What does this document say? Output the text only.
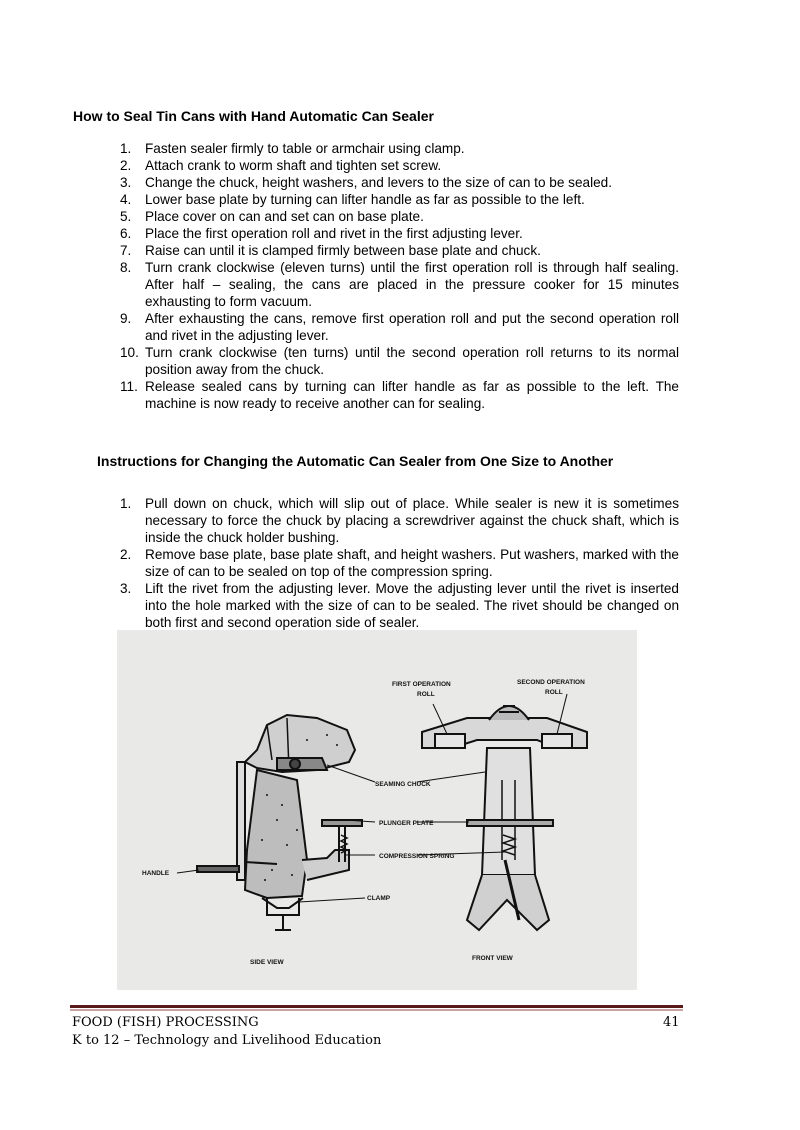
How to Seal Tin Cans with Hand Automatic Can Sealer
1. Fasten sealer firmly to table or armchair using clamp.
2. Attach crank to worm shaft and tighten set screw.
3. Change the chuck, height washers, and levers to the size of can to be sealed.
4. Lower base plate by turning can lifter handle as far as possible to the left.
5. Place cover on can and set can on base plate.
6. Place the first operation roll and rivet in the first adjusting lever.
7. Raise can until it is clamped firmly between base plate and chuck.
8. Turn crank clockwise (eleven turns) until the first operation roll is through half sealing. After half – sealing, the cans are placed in the pressure cooker for 15 minutes exhausting to form vacuum.
9. After exhausting the cans, remove first operation roll and put the second operation roll and rivet in the adjusting lever.
10. Turn crank clockwise (ten turns) until the second operation roll returns to its normal position away from the chuck.
11. Release sealed cans by turning can lifter handle as far as possible to the left. The machine is now ready to receive another can for sealing.
Instructions for Changing the Automatic Can Sealer from One Size to Another
1. Pull down on chuck, which will slip out of place. While sealer is new it is sometimes necessary to force the chuck by placing a screwdriver against the chuck shaft, which is inside the chuck holder bushing.
2. Remove base plate, base plate shaft, and height washers. Put washers, marked with the size of can to be sealed on top of the compression spring.
3. Lift the rivet from the adjusting lever. Move the adjusting lever until the rivet is inserted into the hole marked with the size of can to be sealed. The rivet should be changed on both first and second operation side of sealer.
FIRST OPERATION
ROLL
SECOND OPERATION
ROLL
SEAMING CHUCK
PLUNGER PLATE
COMPRESSION SPRING
HANDLE
CLAMP
SIDE VIEW
FRONT VIEW
FOOD (FISH) PROCESSING
K to 12 – Technology and Livelihood Education
41
